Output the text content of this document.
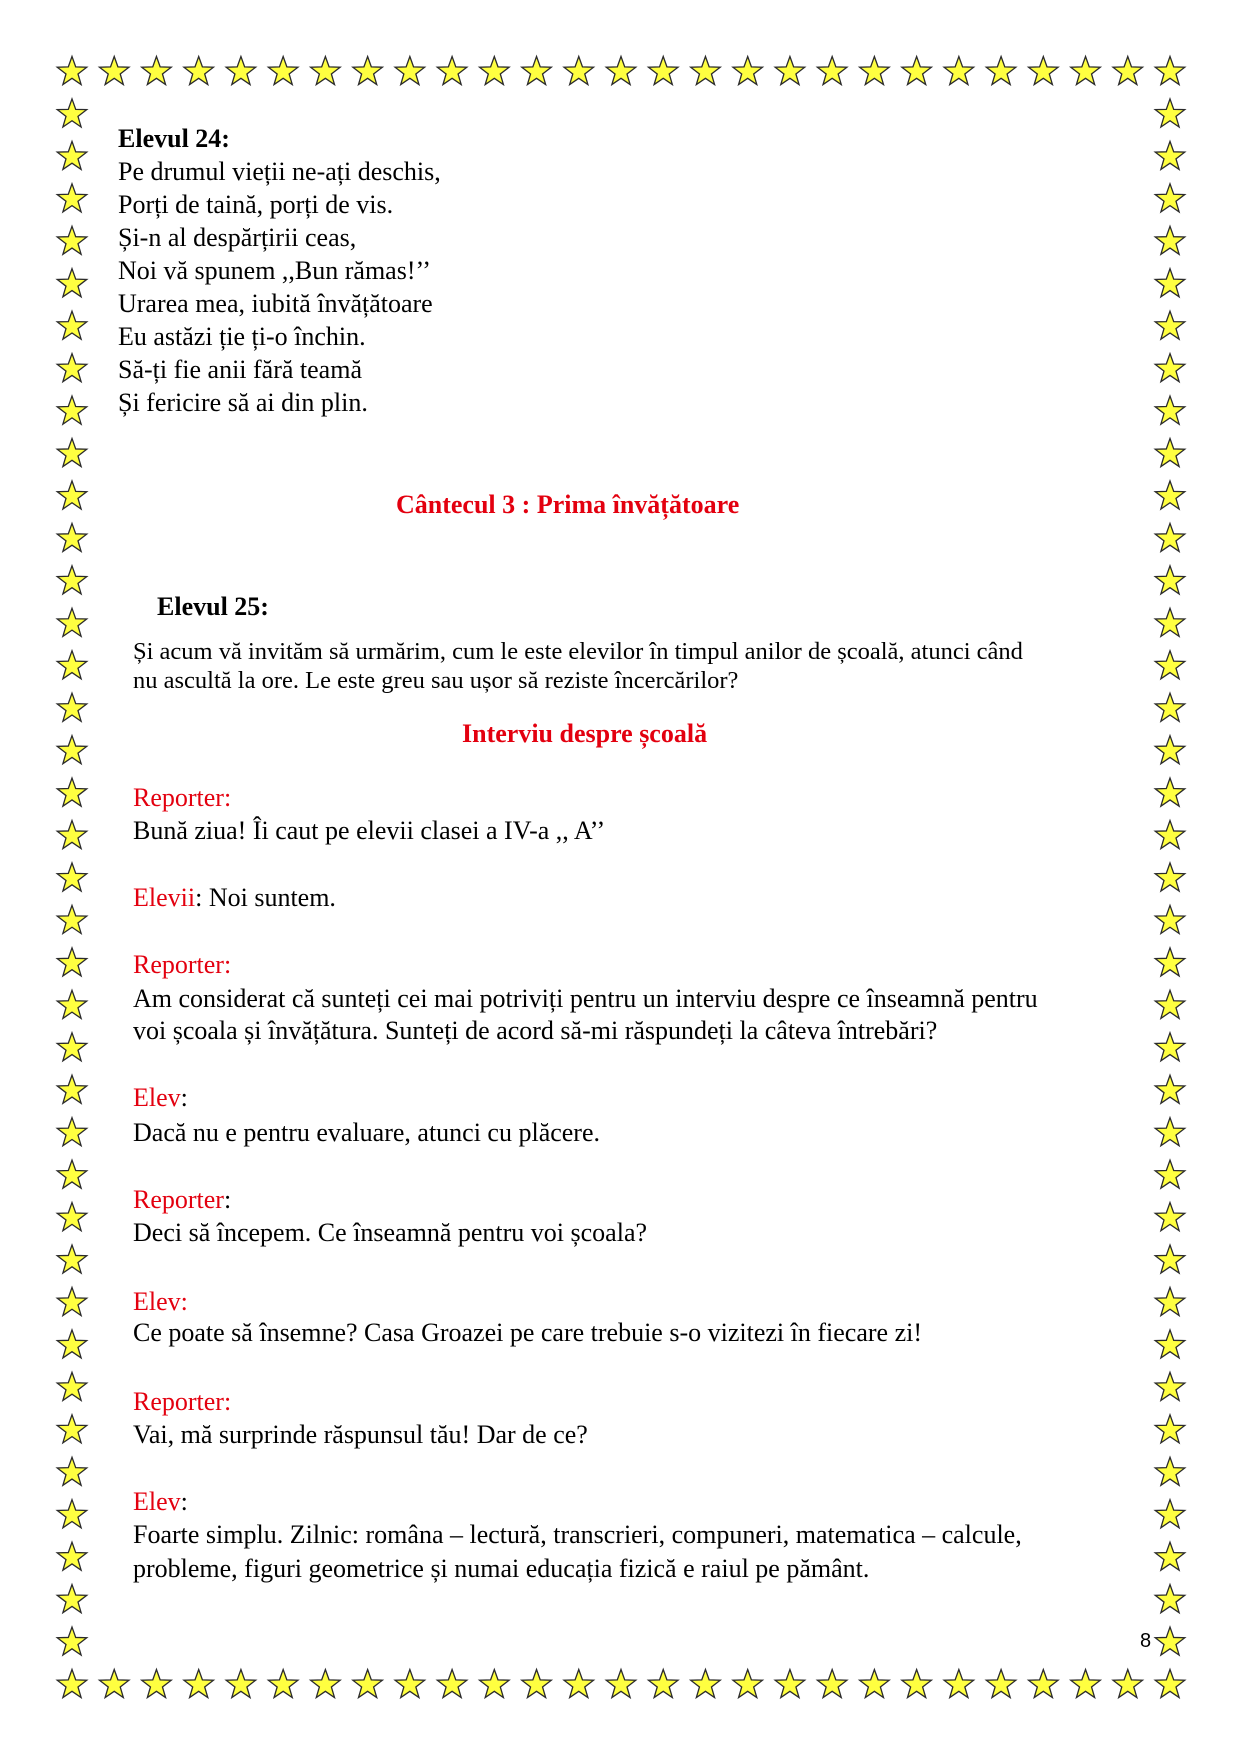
Elevul 24:
Pe drumul vieții ne-ați deschis,
Porți de taină, porți de vis.
Și-n al despărțirii ceas,
Noi vă spunem ,,Bun rămas!’’
Urarea mea, iubită învățătoare
Eu astăzi ție ți-o închin.
Să-ți fie anii fără teamă
Și fericire să ai din plin.
Cântecul 3 : Prima învățătoare
Elevul 25:
Și acum vă invităm să urmărim, cum le este elevilor în timpul anilor de școală, atunci când
nu ascultă la ore. Le este greu sau ușor să reziste încercărilor?
Interviu despre școală
Reporter:
Bună ziua! Îi caut pe elevii clasei a IV-a ,, A’’
Elevii: Noi suntem.
Reporter:
Am considerat că sunteți cei mai potriviți pentru un interviu despre ce înseamnă pentru
voi școala și învățătura. Sunteți de acord să-mi răspundeți la câteva întrebări?
Elev:
Dacă nu e pentru evaluare, atunci cu plăcere.
Reporter:
Deci să începem. Ce înseamnă pentru voi școala?
Elev:
Ce poate să însemne? Casa Groazei pe care trebuie s-o vizitezi în fiecare zi!
Reporter:
Vai, mă surprinde răspunsul tău! Dar de ce?
Elev:
Foarte simplu. Zilnic: româna – lectură, transcrieri, compuneri, matematica – calcule,
probleme, figuri geometrice și numai educația fizică e raiul pe pământ.
8
